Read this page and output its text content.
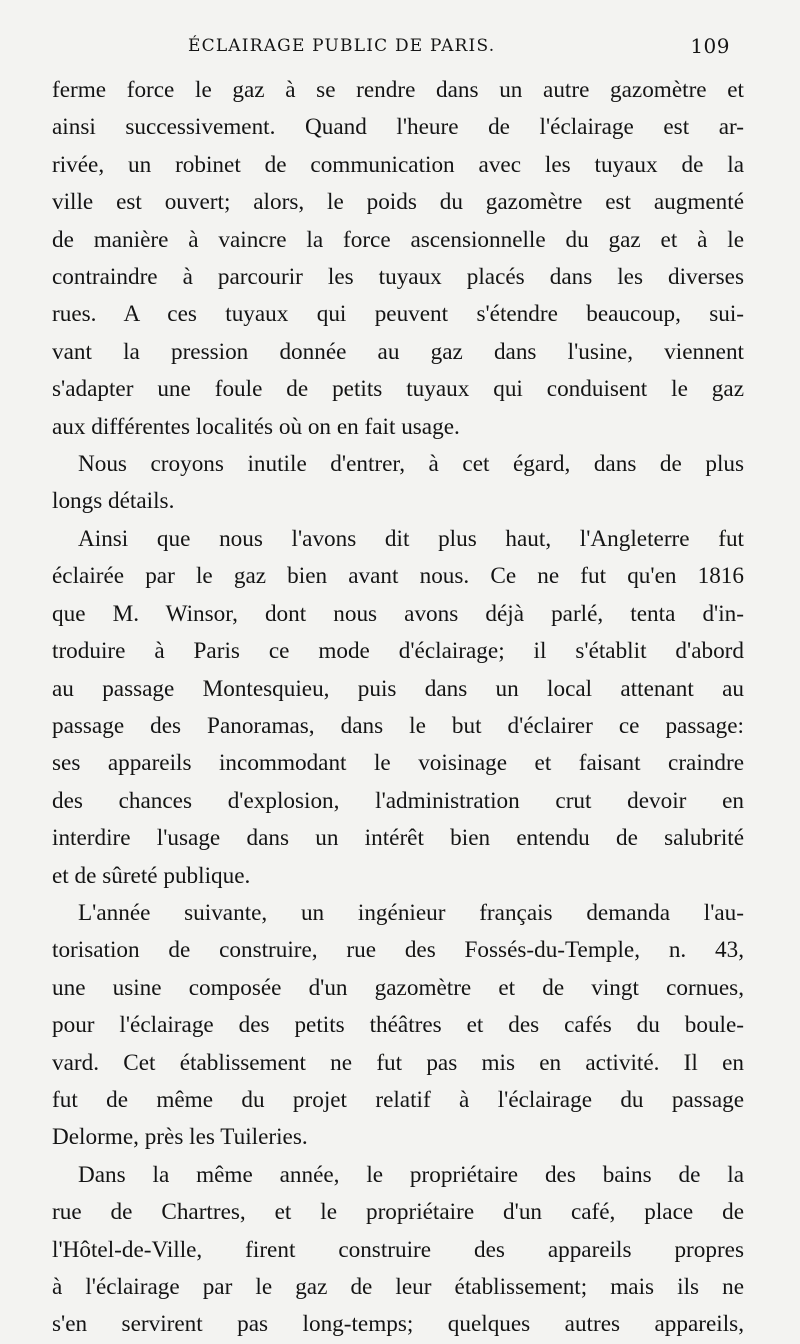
ÉCLAIRAGE PUBLIC DE PARIS.	109

ferme force le gaz à se rendre dans un autre gazomètre et
ainsi successivement. Quand l'heure de l'éclairage est ar-
rivée, un robinet de communication avec les tuyaux de la
ville est ouvert; alors, le poids du gazomètre est augmenté
de manière à vaincre la force ascensionnelle du gaz et à le
contraindre à parcourir les tuyaux placés dans les diverses
rues. A ces tuyaux qui peuvent s'étendre beaucoup, sui-
vant la pression donnée au gaz dans l'usine, viennent
s'adapter une foule de petits tuyaux qui conduisent le gaz
aux différentes localités où on en fait usage.

Nous croyons inutile d'entrer, à cet égard, dans de plus
longs détails.

Ainsi que nous l'avons dit plus haut, l'Angleterre fut
éclairée par le gaz bien avant nous. Ce ne fut qu'en 1816
que M. Winsor, dont nous avons déjà parlé, tenta d'in-
troduire à Paris ce mode d'éclairage; il s'établit d'abord
au passage Montesquieu, puis dans un local attenant au
passage des Panoramas, dans le but d'éclairer ce passage:
ses appareils incommodant le voisinage et faisant craindre
des chances d'explosion, l'administration crut devoir en
interdire l'usage dans un intérêt bien entendu de salubrité
et de sûreté publique.

L'année suivante, un ingénieur français demanda l'au-
torisation de construire, rue des Fossés-du-Temple, n. 43,
une usine composée d'un gazomètre et de vingt cornues,
pour l'éclairage des petits théâtres et des cafés du boule-
vard. Cet établissement ne fut pas mis en activité. Il en
fut de même du projet relatif à l'éclairage du passage
Delorme, près les Tuileries.

Dans la même année, le propriétaire des bains de la
rue de Chartres, et le propriétaire d'un café, place de
l'Hôtel-de-Ville, firent construire des appareils propres
à l'éclairage par le gaz de leur établissement; mais ils ne
s'en servirent pas long-temps; quelques autres appareils,
